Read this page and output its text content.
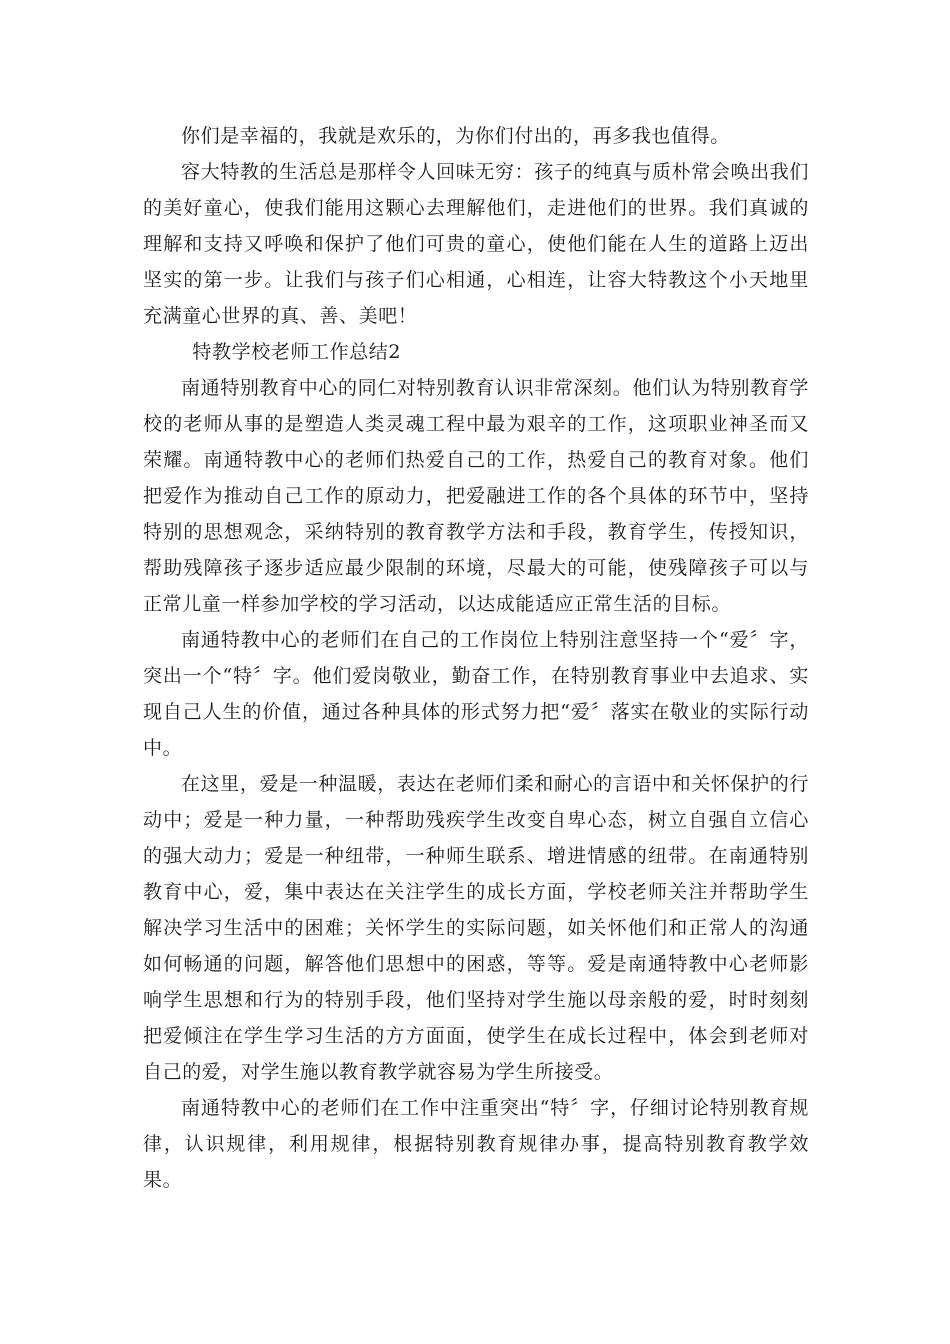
你们是幸福的，我就是欢乐的，为你们付出的，再多我也值得。

容大特教的生活总是那样令人回味无穷：孩子的纯真与质朴常会唤出我们的美好童心，使我们能用这颗心去理解他们，走进他们的世界。我们真诚的理解和支持又呼唤和保护了他们可贵的童心，使他们能在人生的道路上迈出坚实的第一步。让我们与孩子们心相通，心相连，让容大特教这个小天地里充满童心世界的真、善、美吧！

特教学校老师工作总结2

南通特别教育中心的同仁对特别教育认识非常深刻。他们认为特别教育学校的老师从事的是塑造人类灵魂工程中最为艰辛的工作，这项职业神圣而又荣耀。南通特教中心的老师们热爱自己的工作，热爱自己的教育对象。他们把爱作为推动自己工作的原动力，把爱融进工作的各个具体的环节中，坚持特别的思想观念，采纳特别的教育教学方法和手段，教育学生，传授知识，帮助残障孩子逐步适应最少限制的环境，尽最大的可能，使残障孩子可以与正常儿童一样参加学校的学习活动，以达成能适应正常生活的目标。

南通特教中心的老师们在自己的工作岗位上特别注意坚持一个“爱〞字，突出一个“特〞字。他们爱岗敬业，勤奋工作，在特别教育事业中去追求、实现自己人生的价值，通过各种具体的形式努力把“爱〞落实在敬业的实际行动中。

在这里，爱是一种温暖，表达在老师们柔和耐心的言语中和关怀保护的行动中；爱是一种力量，一种帮助残疾学生改变自卑心态，树立自强自立信心的强大动力；爱是一种纽带，一种师生联系、增进情感的纽带。在南通特别教育中心，爱，集中表达在关注学生的成长方面，学校老师关注并帮助学生解决学习生活中的困难；关怀学生的实际问题，如关怀他们和正常人的沟通如何畅通的问题，解答他们思想中的困惑，等等。爱是南通特教中心老师影响学生思想和行为的特别手段，他们坚持对学生施以母亲般的爱，时时刻刻把爱倾注在学生学习生活的方方面面，使学生在成长过程中，体会到老师对自己的爱，对学生施以教育教学就容易为学生所接受。

南通特教中心的老师们在工作中注重突出“特〞字，仔细讨论特别教育规律，认识规律，利用规律，根据特别教育规律办事，提高特别教育教学效果。
